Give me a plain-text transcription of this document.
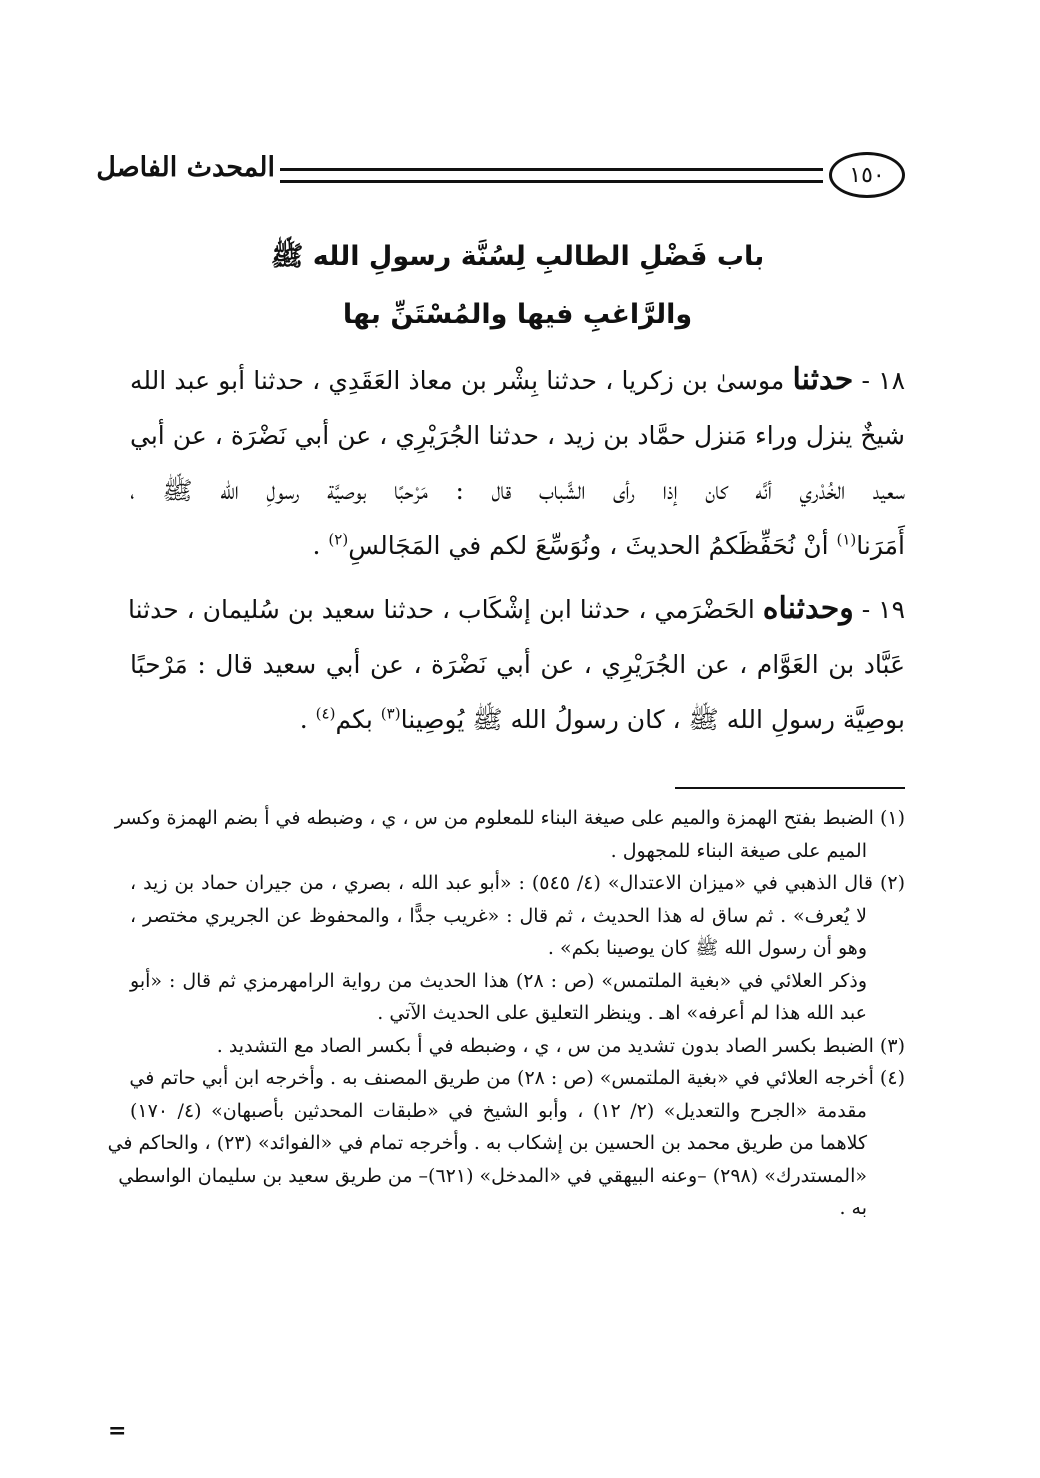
المحدث الفاصل	١٥٠
باب فَضْلِ الطالبِ لِسُنَّة رسولِ الله ﷺ
والرَّاغبِ فيها والمُسْتَنِّ بها
١٨ - حدثنا موسىٰ بن زكريا ، حدثنا بِشْر بن معاذ العَقَدِي ، حدثنا أبو عبد الله
شيخٌ ينزل وراء مَنزل حمَّاد بن زيد ، حدثنا الجُرَيْرِي ، عن أبي نَضْرَة ، عن أبي
سعيد الخُدْري أنَّه كان إذا رأى الشَّباب قال : مَرْحبًا بوصيَّة رسولِ الله ﷺ ،
أَمَرَنا$^{(١)}$ أنْ نُحَفِّظَكمُ الحديثَ ، ونُوَسِّعَ لكم في المَجَالسِ$^{(٢)}$ .
١٩ - وحدثناه الحَضْرَمي ، حدثنا ابن إشْكَاب ، حدثنا سعيد بن سُليمان ، حدثنا
عَبَّاد بن العَوَّام ، عن الجُرَيْرِي ، عن أبي نَضْرَة ، عن أبي سعيد قال : مَرْحبًا
بوصِيَّة رسولِ الله ﷺ ، كان رسولُ الله ﷺ يُوصِينا$^{(٣)}$ بكم$^{(٤)}$ .
(١) الضبط بفتح الهمزة والميم على صيغة البناء للمعلوم من س ، ي ، وضبطه في أ بضم الهمزة وكسر
الميم على صيغة البناء للمجهول .
(٢) قال الذهبي في «ميزان الاعتدال» (٤/ ٥٤٥) : «أبو عبد الله ، بصري ، من جيران حماد بن زيد ،
لا يُعرف» . ثم ساق له هذا الحديث ، ثم قال : «غريب جدًّا ، والمحفوظ عن الجريري مختصر ،
وهو أن رسول الله ﷺ كان يوصينا بكم» .
وذكر العلائي في «بغية الملتمس» (ص : ٢٨) هذا الحديث من رواية الرامهرمزي ثم قال : «أبو
عبد الله هذا لم أعرفه» اهـ . وينظر التعليق على الحديث الآتي .
(٣) الضبط بكسر الصاد بدون تشديد من س ، ي ، وضبطه في أ بكسر الصاد مع التشديد .
(٤) أخرجه العلائي في «بغية الملتمس» (ص : ٢٨) من طريق المصنف به . وأخرجه ابن أبي حاتم في
مقدمة «الجرح والتعديل» (٢/ ١٢) ، وأبو الشيخ في «طبقات المحدثين بأصبهان» (٤/ ١٧٠)
كلاهما من طريق محمد بن الحسين بن إشكاب به . وأخرجه تمام في «الفوائد» (٢٣) ، والحاكم في
«المستدرك» (٢٩٨) –وعنه البيهقي في «المدخل» (٦٢١)– من طريق سعيد بن سليمان الواسطي
به .
=
